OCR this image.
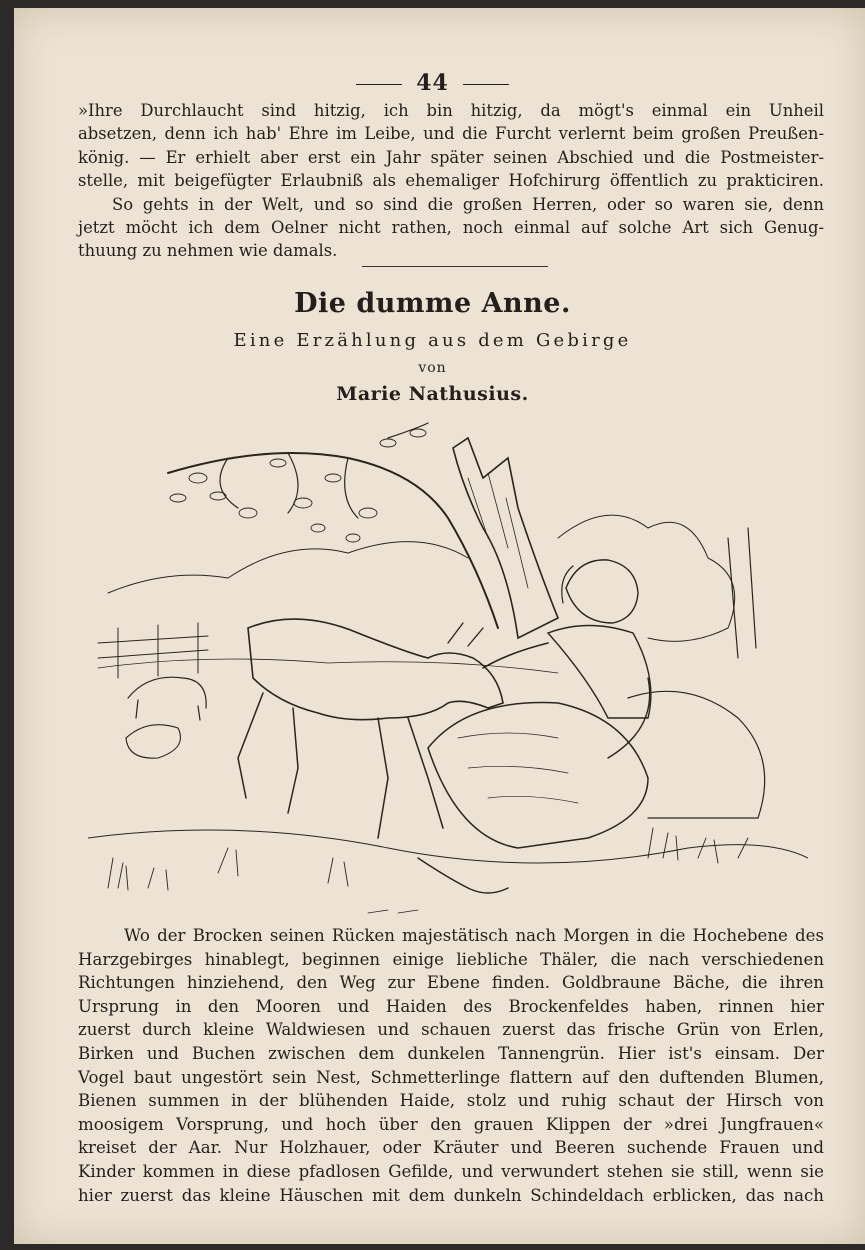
44
»Ihre Durchlaucht sind hitzig, ich bin hitzig, da mögt's einmal ein Unheil
absetzen, denn ich hab' Ehre im Leibe, und die Furcht verlernt beim großen Preußen-
könig. — Er erhielt aber erst ein Jahr später seinen Abschied und die Postmeister-
stelle, mit beigefügter Erlaubniß als ehemaliger Hofchirurg öffentlich zu prakticiren.
So gehts in der Welt, und so sind die großen Herren, oder so waren sie, denn
jetzt möcht ich dem Oelner nicht rathen, noch einmal auf solche Art sich Genug-
thuung zu nehmen wie damals.
Die dumme Anne.
Eine Erzählung aus dem Gebirge
von
Marie Nathusius.
Wo der Brocken seinen Rücken majestätisch nach Morgen in die Hochebene des
Harzgebirges hinablegt, beginnen einige liebliche Thäler, die nach verschiedenen
Richtungen hinziehend, den Weg zur Ebene finden. Goldbraune Bäche, die ihren
Ursprung in den Mooren und Haiden des Brockenfeldes haben, rinnen hier
zuerst durch kleine Waldwiesen und schauen zuerst das frische Grün von Erlen,
Birken und Buchen zwischen dem dunkelen Tannengrün. Hier ist's einsam. Der
Vogel baut ungestört sein Nest, Schmetterlinge flattern auf den duftenden Blumen,
Bienen summen in der blühenden Haide, stolz und ruhig schaut der Hirsch von
moosigem Vorsprung, und hoch über den grauen Klippen der »drei Jungfrauen«
kreiset der Aar. Nur Holzhauer, oder Kräuter und Beeren suchende Frauen und
Kinder kommen in diese pfadlosen Gefilde, und verwundert stehen sie still, wenn sie
hier zuerst das kleine Häuschen mit dem dunkeln Schindeldach erblicken, das nach
